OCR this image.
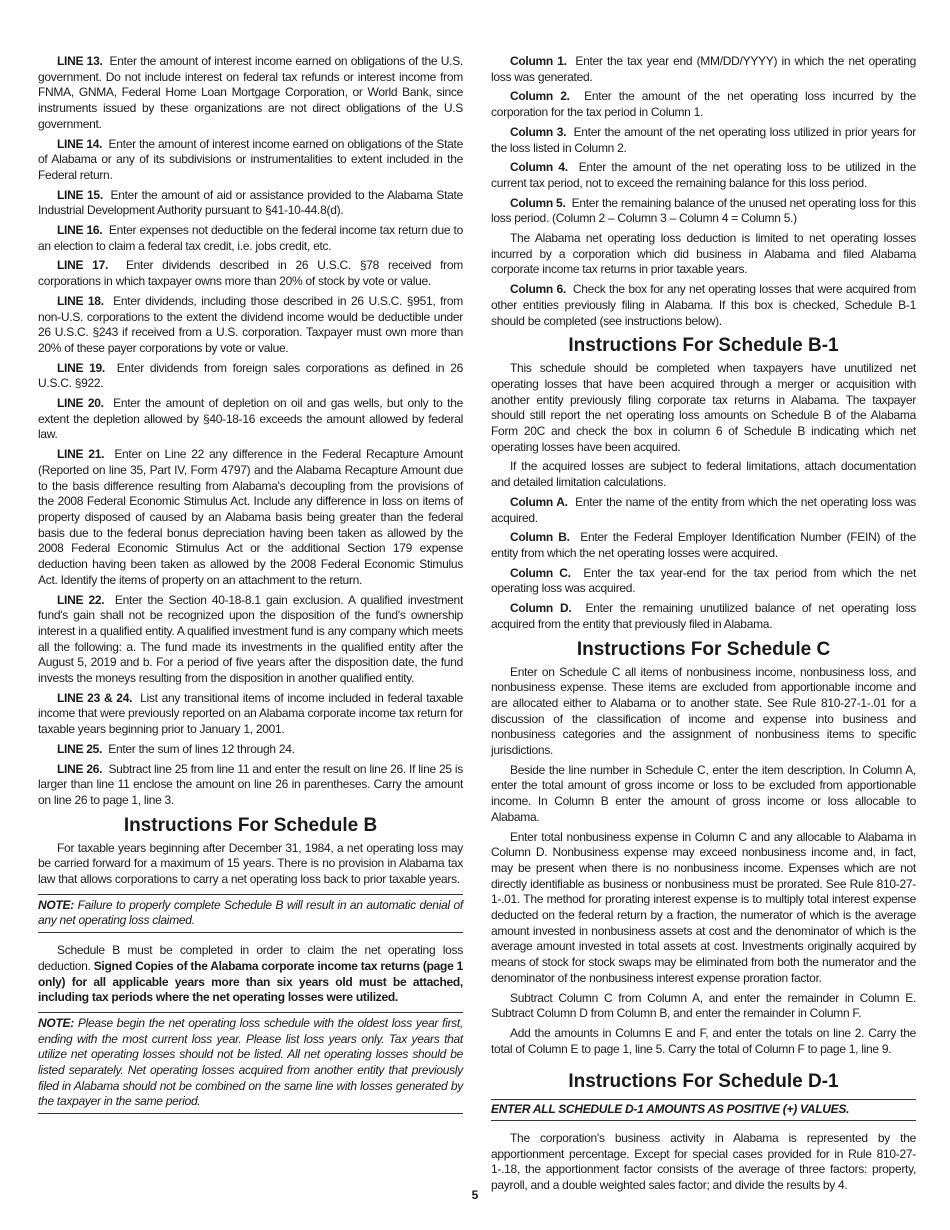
LINE 13. Enter the amount of interest income earned on obligations of the U.S. government. Do not include interest on federal tax refunds or interest income from FNMA, GNMA, Federal Home Loan Mortgage Corporation, or World Bank, since instruments issued by these organizations are not direct obligations of the U.S government.

LINE 14. Enter the amount of interest income earned on obligations of the State of Alabama or any of its subdivisions or instrumentalities to extent included in the Federal return.

LINE 15. Enter the amount of aid or assistance provided to the Alabama State Industrial Development Authority pursuant to §41-10-44.8(d).

LINE 16. Enter expenses not deductible on the federal income tax return due to an election to claim a federal tax credit, i.e. jobs credit, etc.

LINE 17. Enter dividends described in 26 U.S.C. §78 received from corporations in which taxpayer owns more than 20% of stock by vote or value.

LINE 18. Enter dividends, including those described in 26 U.S.C. §951, from non-U.S. corporations to the extent the dividend income would be deductible under 26 U.S.C. §243 if received from a U.S. corporation. Taxpayer must own more than 20% of these payer corporations by vote or value.

LINE 19. Enter dividends from foreign sales corporations as defined in 26 U.S.C. §922.

LINE 20. Enter the amount of depletion on oil and gas wells, but only to the extent the depletion allowed by §40-18-16 exceeds the amount allowed by federal law.

LINE 21. Enter on Line 22 any difference in the Federal Recapture Amount (Reported on line 35, Part IV, Form 4797) and the Alabama Recapture Amount due to the basis difference resulting from Alabama's decoupling from the provisions of the 2008 Federal Economic Stimulus Act. Include any difference in loss on items of property disposed of caused by an Alabama basis being greater than the federal basis due to the federal bonus depreciation having been taken as allowed by the 2008 Federal Economic Stimulus Act or the additional Section 179 expense deduction having been taken as allowed by the 2008 Federal Economic Stimulus Act. Identify the items of property on an attachment to the return.

LINE 22. Enter the Section 40-18-8.1 gain exclusion. A qualified investment fund's gain shall not be recognized upon the disposition of the fund's ownership interest in a qualified entity. A qualified investment fund is any company which meets all the following: a. The fund made its investments in the qualified entity after the August 5, 2019 and b. For a period of five years after the disposition date, the fund invests the moneys resulting from the disposition in another qualified entity.

LINE 23 & 24. List any transitional items of income included in federal taxable income that were previously reported on an Alabama corporate income tax return for taxable years beginning prior to January 1, 2001.

LINE 25. Enter the sum of lines 12 through 24.

LINE 26. Subtract line 25 from line 11 and enter the result on line 26. If line 25 is larger than line 11 enclose the amount on line 26 in parentheses. Carry the amount on line 26 to page 1, line 3.

Instructions For Schedule B

For taxable years beginning after December 31, 1984, a net operating loss may be carried forward for a maximum of 15 years. There is no provision in Alabama tax law that allows corporations to carry a net operating loss back to prior taxable years.

NOTE: Failure to properly complete Schedule B will result in an automatic denial of any net operating loss claimed.

Schedule B must be completed in order to claim the net operating loss deduction. Signed Copies of the Alabama corporate income tax returns (page 1 only) for all applicable years more than six years old must be attached, including tax periods where the net operating losses were utilized.

NOTE: Please begin the net operating loss schedule with the oldest loss year first, ending with the most current loss year. Please list loss years only. Tax years that utilize net operating losses should not be listed. All net operating losses should be listed separately. Net operating losses acquired from another entity that previously filed in Alabama should not be combined on the same line with losses generated by the taxpayer in the same period.

Column 1. Enter the tax year end (MM/DD/YYYY) in which the net operating loss was generated.

Column 2. Enter the amount of the net operating loss incurred by the corporation for the tax period in Column 1.

Column 3. Enter the amount of the net operating loss utilized in prior years for the loss listed in Column 2.

Column 4. Enter the amount of the net operating loss to be utilized in the current tax period, not to exceed the remaining balance for this loss period.

Column 5. Enter the remaining balance of the unused net operating loss for this loss period. (Column 2 – Column 3 – Column 4 = Column 5.)

The Alabama net operating loss deduction is limited to net operating losses incurred by a corporation which did business in Alabama and filed Alabama corporate income tax returns in prior taxable years.

Column 6. Check the box for any net operating losses that were acquired from other entities previously filing in Alabama. If this box is checked, Schedule B-1 should be completed (see instructions below).

Instructions For Schedule B-1

This schedule should be completed when taxpayers have unutilized net operating losses that have been acquired through a merger or acquisition with another entity previously filing corporate tax returns in Alabama. The taxpayer should still report the net operating loss amounts on Schedule B of the Alabama Form 20C and check the box in column 6 of Schedule B indicating which net operating losses have been acquired.

If the acquired losses are subject to federal limitations, attach documentation and detailed limitation calculations.

Column A. Enter the name of the entity from which the net operating loss was acquired.

Column B. Enter the Federal Employer Identification Number (FEIN) of the entity from which the net operating losses were acquired.

Column C. Enter the tax year-end for the tax period from which the net operating loss was acquired.

Column D. Enter the remaining unutilized balance of net operating loss acquired from the entity that previously filed in Alabama.

Instructions For Schedule C

Enter on Schedule C all items of nonbusiness income, nonbusiness loss, and nonbusiness expense. These items are excluded from apportionable income and are allocated either to Alabama or to another state. See Rule 810-27-1-.01 for a discussion of the classification of income and expense into business and nonbusiness categories and the assignment of nonbusiness items to specific jurisdictions.

Beside the line number in Schedule C, enter the item description. In Column A, enter the total amount of gross income or loss to be excluded from apportionable income. In Column B enter the amount of gross income or loss allocable to Alabama.

Enter total nonbusiness expense in Column C and any allocable to Alabama in Column D. Nonbusiness expense may exceed nonbusiness income and, in fact, may be present when there is no nonbusiness income. Expenses which are not directly identifiable as business or nonbusiness must be prorated. See Rule 810-27-1-.01. The method for prorating interest expense is to multiply total interest expense deducted on the federal return by a fraction, the numerator of which is the average amount invested in nonbusiness assets at cost and the denominator of which is the average amount invested in total assets at cost. Investments originally acquired by means of stock for stock swaps may be eliminated from both the numerator and the denominator of the nonbusiness interest expense proration factor.

Subtract Column C from Column A, and enter the remainder in Column E. Subtract Column D from Column B, and enter the remainder in Column F.

Add the amounts in Columns E and F, and enter the totals on line 2. Carry the total of Column E to page 1, line 5. Carry the total of Column F to page 1, line 9.

Instructions For Schedule D-1
ENTER ALL SCHEDULE D-1 AMOUNTS AS POSITIVE (+) VALUES.

The corporation's business activity in Alabama is represented by the apportionment percentage. Except for special cases provided for in Rule 810-27-1-.18, the apportionment factor consists of the average of three factors: property, payroll, and a double weighted sales factor; and divide the results by 4.

5
